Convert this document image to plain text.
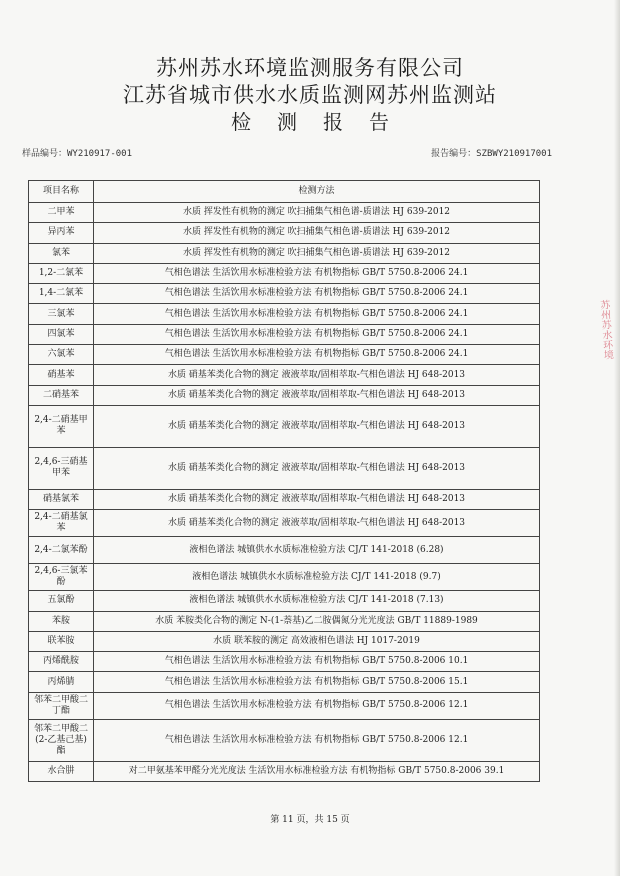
苏州苏水环境监测服务有限公司
江苏省城市供水水质监测网苏州监测站
检测报告
样品编号：WY210917-001	报告编号：SZBWY210917001
项目名称	检测方法
二甲苯	水质 挥发性有机物的测定 吹扫捕集气相色谱-质谱法 HJ 639-2012
异丙苯	水质 挥发性有机物的测定 吹扫捕集气相色谱-质谱法 HJ 639-2012
氯苯	水质 挥发性有机物的测定 吹扫捕集气相色谱-质谱法 HJ 639-2012
1,2-二氯苯	气相色谱法 生活饮用水标准检验方法 有机物指标 GB/T 5750.8-2006 24.1
1,4-二氯苯	气相色谱法 生活饮用水标准检验方法 有机物指标 GB/T 5750.8-2006 24.1
三氯苯	气相色谱法 生活饮用水标准检验方法 有机物指标 GB/T 5750.8-2006 24.1
四氯苯	气相色谱法 生活饮用水标准检验方法 有机物指标 GB/T 5750.8-2006 24.1
六氯苯	气相色谱法 生活饮用水标准检验方法 有机物指标 GB/T 5750.8-2006 24.1
硝基苯	水质 硝基苯类化合物的测定 液液萃取/固相萃取-气相色谱法 HJ 648-2013
二硝基苯	水质 硝基苯类化合物的测定 液液萃取/固相萃取-气相色谱法 HJ 648-2013
2,4-二硝基甲苯	水质 硝基苯类化合物的测定 液液萃取/固相萃取-气相色谱法 HJ 648-2013
2,4,6-三硝基甲苯	水质 硝基苯类化合物的测定 液液萃取/固相萃取-气相色谱法 HJ 648-2013
硝基氯苯	水质 硝基苯类化合物的测定 液液萃取/固相萃取-气相色谱法 HJ 648-2013
2,4-二硝基氯苯	水质 硝基苯类化合物的测定 液液萃取/固相萃取-气相色谱法 HJ 648-2013
2,4-二氯苯酚	液相色谱法 城镇供水水质标准检验方法 CJ/T 141-2018 (6.28)
2,4,6-三氯苯酚	液相色谱法 城镇供水水质标准检验方法 CJ/T 141-2018 (9.7)
五氯酚	液相色谱法 城镇供水水质标准检验方法 CJ/T 141-2018 (7.13)
苯胺	水质 苯胺类化合物的测定 N-(1-萘基)乙二胺偶氮分光光度法 GB/T 11889-1989
联苯胺	水质 联苯胺的测定 高效液相色谱法 HJ 1017-2019
丙烯酰胺	气相色谱法 生活饮用水标准检验方法 有机物指标 GB/T 5750.8-2006 10.1
丙烯腈	气相色谱法 生活饮用水标准检验方法 有机物指标 GB/T 5750.8-2006 15.1
邻苯二甲酸二丁酯	气相色谱法 生活饮用水标准检验方法 有机物指标 GB/T 5750.8-2006 12.1
邻苯二甲酸二(2-乙基己基)酯	气相色谱法 生活饮用水标准检验方法 有机物指标 GB/T 5750.8-2006 12.1
水合肼	对二甲氨基苯甲醛分光光度法 生活饮用水标准检验方法 有机物指标 GB/T 5750.8-2006 39.1
第 11 页，共 15 页
苏州苏水环境
